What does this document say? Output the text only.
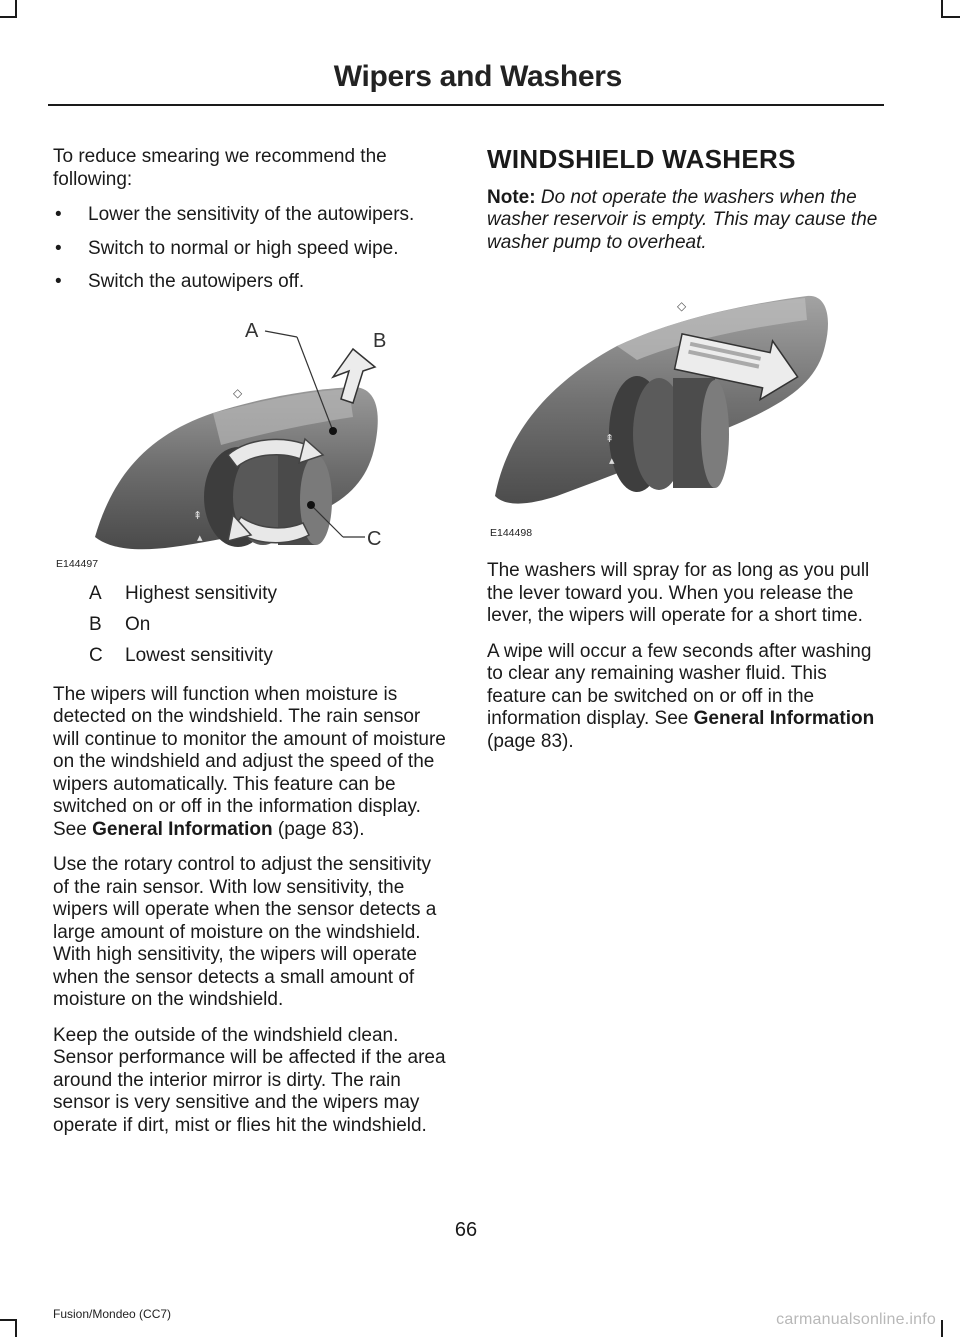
Wipers and Washers

To reduce smearing we recommend the following:

• Lower the sensitivity of the autowipers.
• Switch to normal or high speed wipe.
• Switch the autowipers off.
⇞
▴
◇
A	B
C
E144497
A	Highest sensitivity
B	On
C	Lowest sensitivity

The wipers will function when moisture is detected on the windshield. The rain sensor will continue to monitor the amount of moisture on the windshield and adjust the speed of the wipers automatically. This feature can be switched on or off in the information display. See General Information (page 83).

Use the rotary control to adjust the sensitivity of the rain sensor. With low sensitivity, the wipers will operate when the sensor detects a large amount of moisture on the windshield. With high sensitivity, the wipers will operate when the sensor detects a small amount of moisture on the windshield.

Keep the outside of the windshield clean. Sensor performance will be affected if the area around the interior mirror is dirty. The rain sensor is very sensitive and the wipers may operate if dirt, mist or flies hit the windshield.

WINDSHIELD WASHERS

Note: Do not operate the washers when the washer reservoir is empty. This may cause the washer pump to overheat.

⇞
▴
◇
E144498

The washers will spray for as long as you pull the lever toward you. When you release the lever, the wipers will operate for a short time.

A wipe will occur a few seconds after washing to clear any remaining washer fluid. This feature can be switched on or off in the information display. See General Information (page 83).

66
Fusion/Mondeo (CC7)	carmanualsonline.info
